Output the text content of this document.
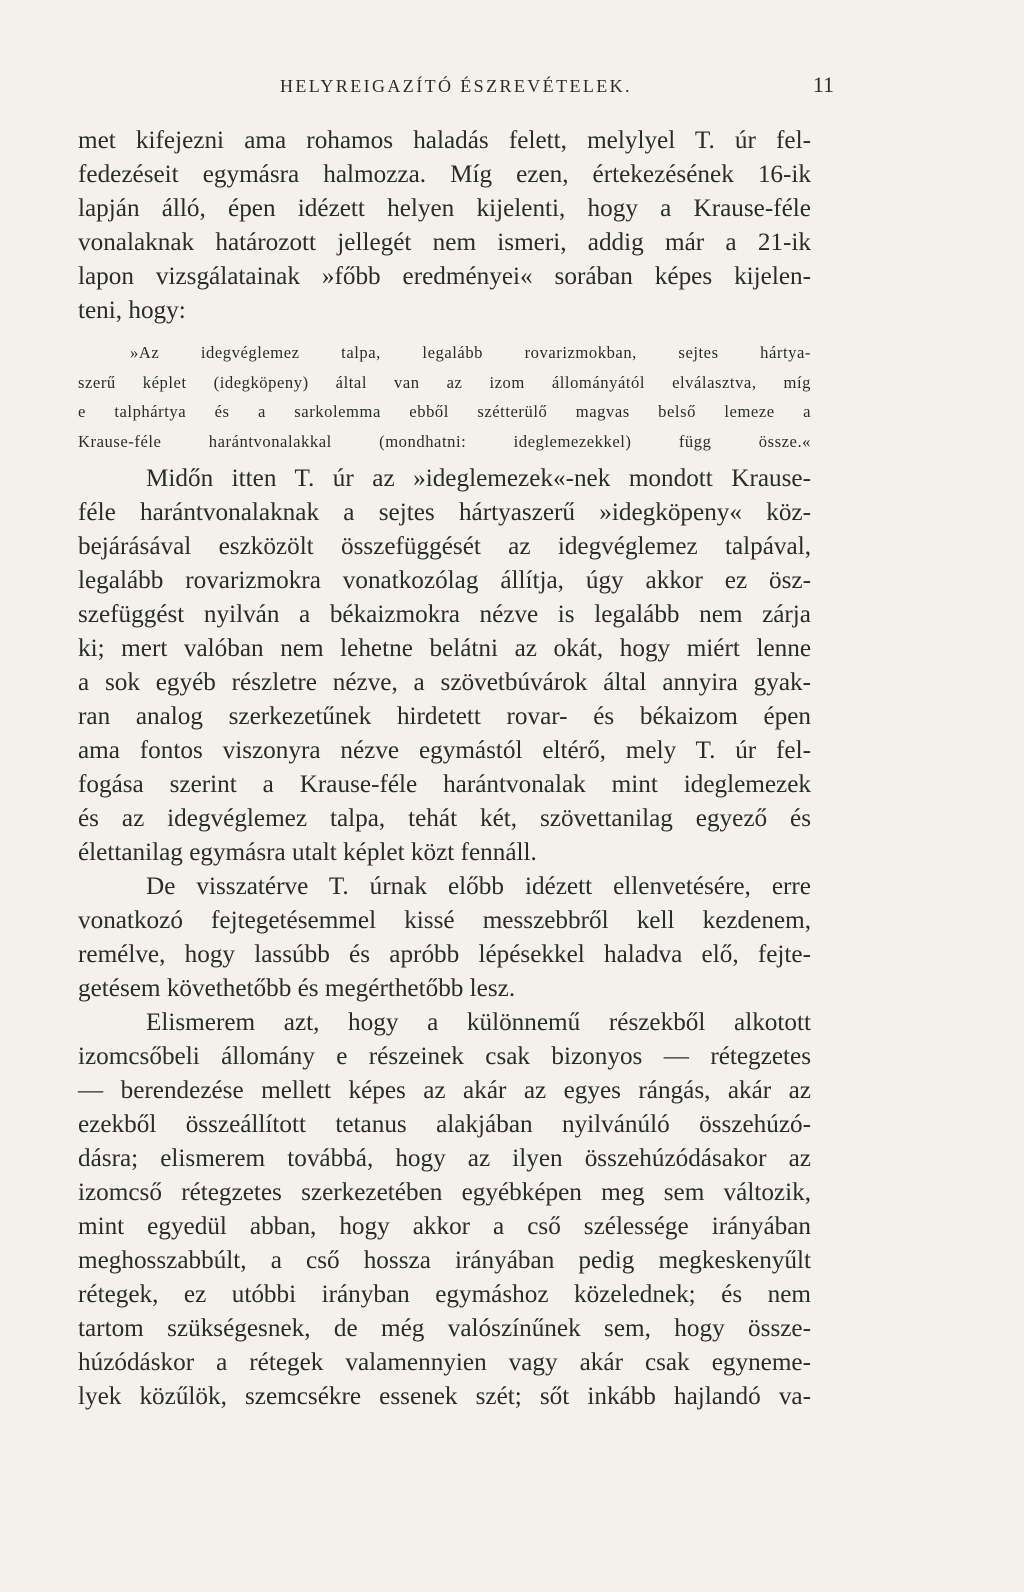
HELYREIGAZÍTÓ ÉSZREVÉTELEK.	11
met kifejezni ama rohamos haladás felett, melylyel T. úr fel-
fedezéseit egymásra halmozza. Míg ezen, értekezésének 16-ik
lapján álló, épen idézett helyen kijelenti, hogy a Krause-féle
vonalaknak határozott jellegét nem ismeri, addig már a 21-ik
lapon vizsgálatainak »főbb eredményei« sorában képes kijelen-
teni, hogy:
»Az idegvéglemez talpa, legalább rovarizmokban, sejtes hártya-
szerű képlet (idegköpeny) által van az izom állományától elválasztva, míg
e talphártya és a sarkolemma ebből szétterülő magvas belső lemeze a
Krause-féle harántvonalakkal (mondhatni: ideglemezekkel) függ össze.«
Midőn itten T. úr az »ideglemezek«-nek mondott Krause-
féle harántvonalaknak a sejtes hártyaszerű »idegköpeny« köz-
bejárásával eszközölt összefüggését az idegvéglemez talpával,
legalább rovarizmokra vonatkozólag állítja, úgy akkor ez ösz-
szefüggést nyilván a békaizmokra nézve is legalább nem zárja
ki; mert valóban nem lehetne belátni az okát, hogy miért lenne
a sok egyéb részletre nézve, a szövetbúvárok által annyira gyak-
ran analog szerkezetűnek hirdetett rovar- és békaizom épen
ama fontos viszonyra nézve egymástól eltérő, mely T. úr fel-
fogása szerint a Krause-féle harántvonalak mint ideglemezek
és az idegvéglemez talpa, tehát két, szövettanilag egyező és
élettanilag egymásra utalt képlet közt fennáll.
De visszatérve T. úrnak előbb idézett ellenvetésére, erre
vonatkozó fejtegetésemmel kissé messzebbről kell kezdenem,
remélve, hogy lassúbb és apróbb lépésekkel haladva elő, fejte-
getésem követhetőbb és megérthetőbb lesz.
Elismerem azt, hogy a különnemű részekből alkotott
izomcsőbeli állomány e részeinek csak bizonyos — rétegzetes
— berendezése mellett képes az akár az egyes rángás, akár az
ezekből összeállított tetanus alakjában nyilvánúló összehúzó-
dásra; elismerem továbbá, hogy az ilyen összehúzódásakor az
izomcső rétegzetes szerkezetében egyébképen meg sem változik,
mint egyedül abban, hogy akkor a cső szélessége irányában
meghosszabbúlt, a cső hossza irányában pedig megkeskenyűlt
rétegek, ez utóbbi irányban egymáshoz közelednek; és nem
tartom szükségesnek, de még valószínűnek sem, hogy össze-
húzódáskor a rétegek valamennyien vagy akár csak egyneme-
lyek közűlök, szemcsékre essenek szét; sőt inkább hajlandó va-
